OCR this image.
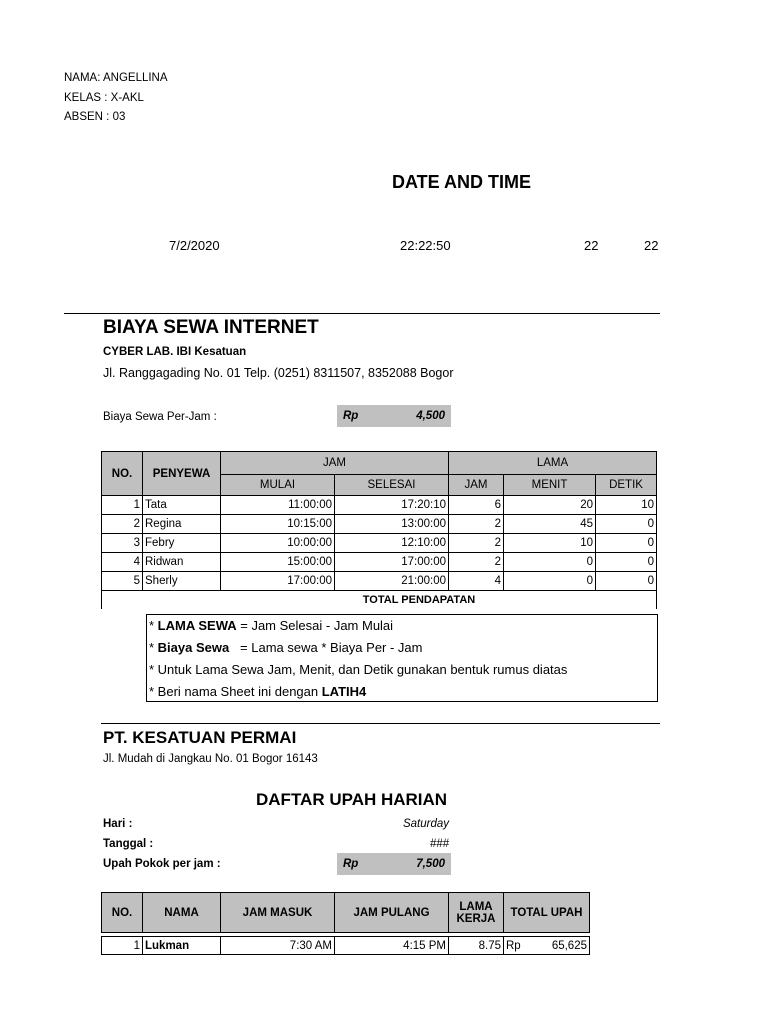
NAMA: ANGELLINA
KELAS : X-AKL
ABSEN : 03
DATE AND TIME
7/2/2020	22:22:50	22	22
BIAYA SEWA INTERNET
CYBER LAB. IBI Kesatuan
Jl. Ranggagading No. 01 Telp. (0251) 8311507, 8352088 Bogor
Biaya Sewa Per-Jam :	Rp	4,500
NO.	PENYEWA	JAM		LAMA		
		MULAI	SELESAI	JAM	MENIT	DETIK
1	Tata	11:00:00	17:20:10	6	20	10
2	Regina	10:15:00	13:00:00	2	45	0
3	Febry	10:00:00	12:10:00	2	10	0
4	Ridwan	15:00:00	17:00:00	2	0	0
5	Sherly	17:00:00	21:00:00	4	0	0
			TOTAL PENDAPATAN			
* LAMA SEWA = Jam Selesai - Jam Mulai
* Biaya Sewa   = Lama sewa * Biaya Per - Jam
* Untuk Lama Sewa Jam, Menit, dan Detik gunakan bentuk rumus diatas
* Beri nama Sheet ini dengan LATIH4
PT. KESATUAN PERMAI
Jl. Mudah di Jangkau No. 01 Bogor 16143
DAFTAR UPAH HARIAN
Hari :	Saturday
Tanggal :	###
Upah Pokok per jam :	Rp	7,500
NO.	NAMA	JAM MASUK	JAM PULANG	LAMA KERJA	TOTAL UPAH

1	Lukman	7:30 AM	4:15 PM	8.75	Rp 65,625
